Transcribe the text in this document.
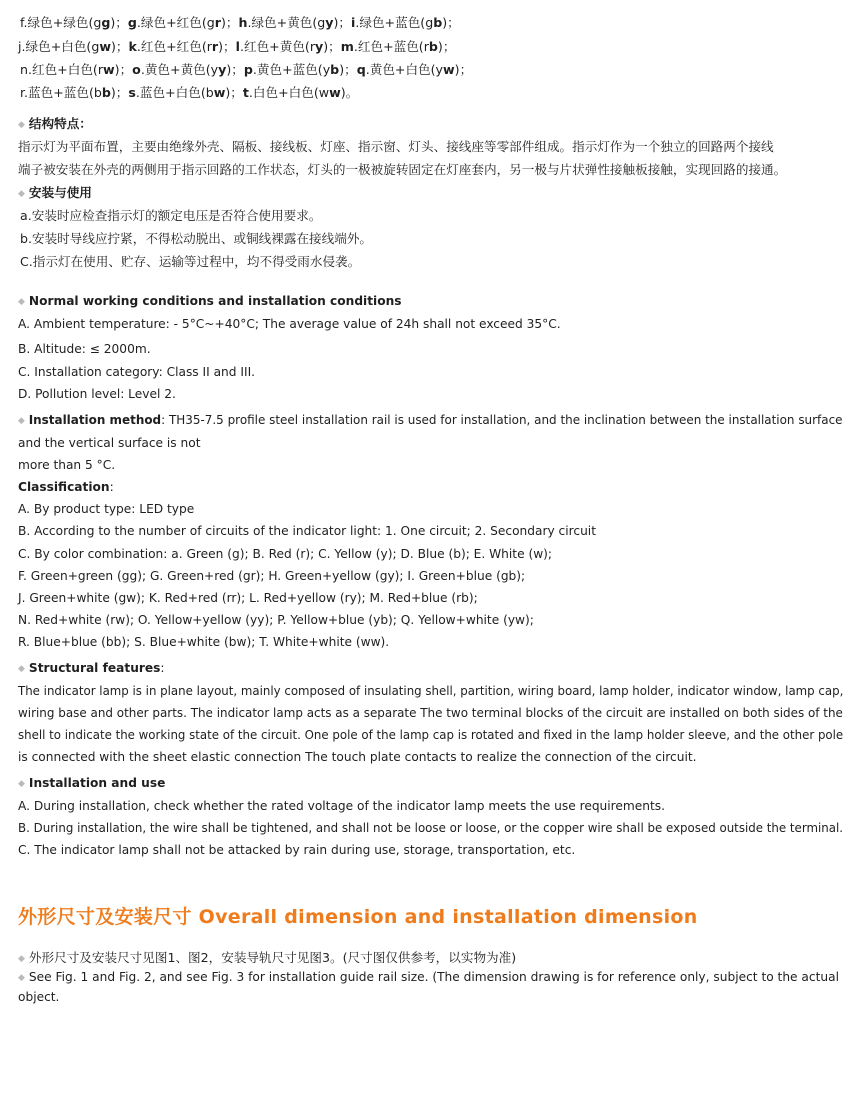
f.绿色+绿色(gg)；g.绿色+红色(gr)；h.绿色+黄色(gy)；i.绿色+蓝色(gb)；
j.绿色+白色(gw)；k.红色+红色(rr)；l.红色+黄色(ry)；m.红色+蓝色(rb)；
n.红色+白色(rw)；o.黄色+黄色(yy)；p.黄色+蓝色(yb)；q.黄色+白色(yw)；
r.蓝色+蓝色(bb)；s.蓝色+白色(bw)；t.白色+白色(ww)。
◆ 结构特点：
指示灯为平面布置，主要由绝缘外壳、隔板、接线板、灯座、指示窗、灯头、接线座等零部件组成。指示灯作为一个独立的回路两个接线
端子被安装在外壳的两侧用于指示回路的工作状态，灯头的一极被旋转固定在灯座套内，另一极与片状弹性接触板接触，实现回路的接通。
◆ 安装与使用
a.安装时应检查指示灯的额定电压是否符合使用要求。
b.安装时导线应拧紧，不得松动脱出、或铜线裸露在接线端外。
C.指示灯在使用、贮存、运输等过程中，均不得受雨水侵袭。
◆ Normal working conditions and installation conditions
A. Ambient temperature: - 5°C~+40°C; The average value of 24h shall not exceed 35°C.
B. Altitude: ≤ 2000m.
C. Installation category: Class II and III.
D. Pollution level: Level 2.
◆ Installation method: TH35-7.5 profile steel installation rail is used for installation, and the inclination between the installation surface
and the vertical surface is not
more than 5 °C.
Classification:
A. By product type: LED type
B. According to the number of circuits of the indicator light: 1. One circuit; 2. Secondary circuit
C. By color combination: a. Green (g); B. Red (r); C. Yellow (y); D. Blue (b); E. White (w);
F. Green+green (gg); G. Green+red (gr); H. Green+yellow (gy); I. Green+blue (gb);
J. Green+white (gw); K. Red+red (rr); L. Red+yellow (ry); M. Red+blue (rb);
N. Red+white (rw); O. Yellow+yellow (yy); P. Yellow+blue (yb); Q. Yellow+white (yw);
R. Blue+blue (bb); S. Blue+white (bw); T. White+white (ww).
◆ Structural features:
The indicator lamp is in plane layout, mainly composed of insulating shell, partition, wiring board, lamp holder, indicator window, lamp cap,
wiring base and other parts. The indicator lamp acts as a separate The two terminal blocks of the circuit are installed on both sides of the
shell to indicate the working state of the circuit. One pole of the lamp cap is rotated and fixed in the lamp holder sleeve, and the other pole
is connected with the sheet elastic connection The touch plate contacts to realize the connection of the circuit.
◆ Installation and use
A. During installation, check whether the rated voltage of the indicator lamp meets the use requirements.
B. During installation, the wire shall be tightened, and shall not be loose or loose, or the copper wire shall be exposed outside the terminal.
C. The indicator lamp shall not be attacked by rain during use, storage, transportation, etc.
外形尺寸及安装尺寸 Overall dimension and installation dimension
◆ 外形尺寸及安装尺寸见图1、图2，安装导轨尺寸见图3。(尺寸图仅供参考，以实物为准)
◆ See Fig. 1 and Fig. 2, and see Fig. 3 for installation guide rail size. (The dimension drawing is for reference only, subject to the actual
object.
